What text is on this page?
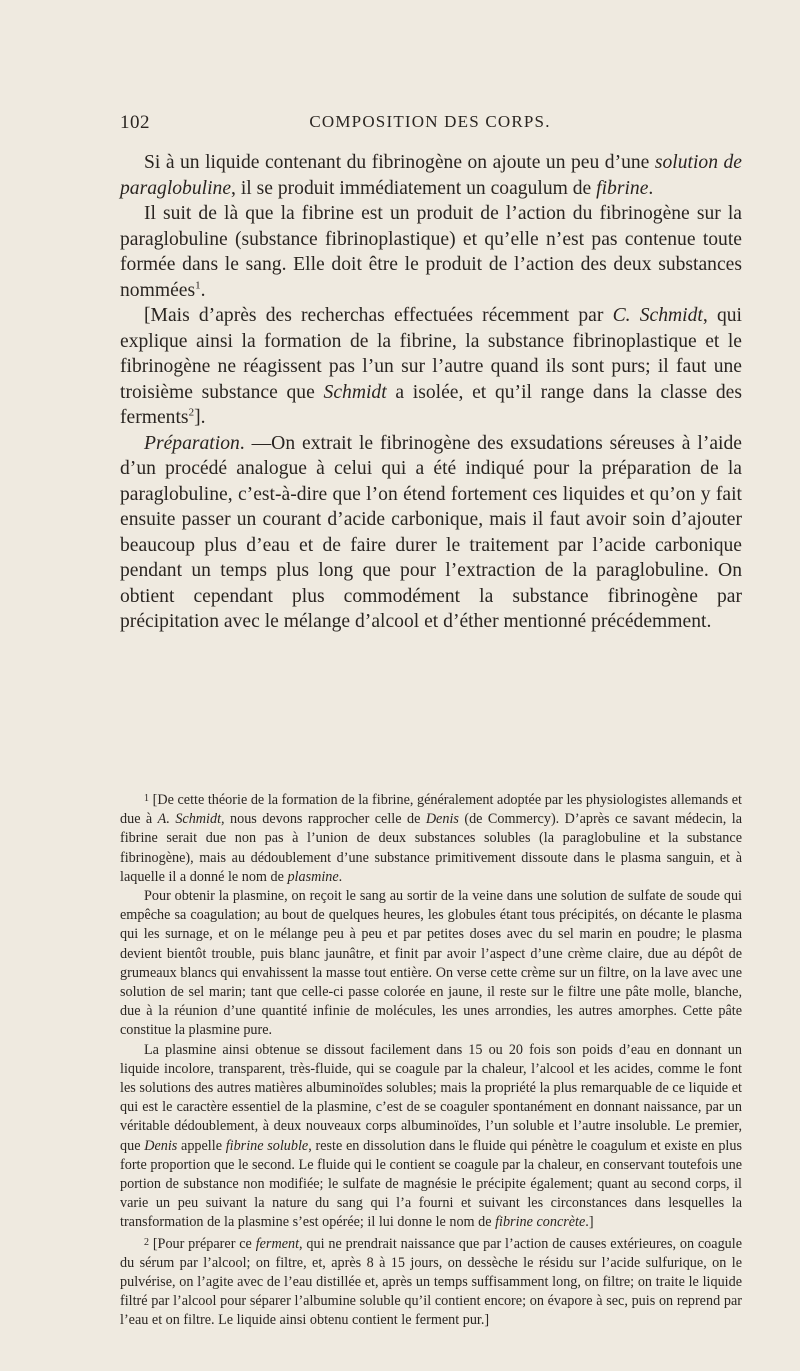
102	COMPOSITION DES CORPS.

Si à un liquide contenant du fibrinogène on ajoute un peu d’une solution de paraglobuline, il se produit immédiatement un coagulum de fibrine.

Il suit de là que la fibrine est un produit de l’action du fibrinogène sur la paraglobuline (substance fibrinoplastique) et qu’elle n’est pas contenue toute formée dans le sang. Elle doit être le produit de l’action des deux substances nommées$^1$.

[Mais d’après des recherchas effectuées récemment par C. Schmidt, qui explique ainsi la formation de la fibrine, la substance fibrinoplastique et le fibrinogène ne réagissent pas l’un sur l’autre quand ils sont purs; il faut une troisième substance que Schmidt a isolée, et qu’il range dans la classe des ferments$^2$].

Préparation. —On extrait le fibrinogène des exsudations séreuses à l’aide d’un procédé analogue à celui qui a été indiqué pour la préparation de la paraglobuline, c’est-à-dire que l’on étend fortement ces liquides et qu’on y fait ensuite passer un courant d’acide carbonique, mais il faut avoir soin d’ajouter beaucoup plus d’eau et de faire durer le traitement par l’acide carbonique pendant un temps plus long que pour l’extraction de la paraglobuline. On obtient cependant plus commodément la substance fibrinogène par précipitation avec le mélange d’alcool et d’éther mentionné précédemment.

$^1$ [De cette théorie de la formation de la fibrine, généralement adoptée par les physiologistes allemands et due à A. Schmidt, nous devons rapprocher celle de Denis (de Commercy). D’après ce savant médecin, la fibrine serait due non pas à l’union de deux substances solubles (la paraglobuline et la substance fibrinogène), mais au dédoublement d’une substance primitivement dissoute dans le plasma sanguin, et à laquelle il a donné le nom de plasmine.

Pour obtenir la plasmine, on reçoit le sang au sortir de la veine dans une solution de sulfate de soude qui empêche sa coagulation; au bout de quelques heures, les globules étant tous précipités, on décante le plasma qui les surnage, et on le mélange peu à peu et par petites doses avec du sel marin en poudre; le plasma devient bientôt trouble, puis blanc jaunâtre, et finit par avoir l’aspect d’une crème claire, due au dépôt de grumeaux blancs qui envahissent la masse tout entière. On verse cette crème sur un filtre, on la lave avec une solution de sel marin; tant que celle-ci passe colorée en jaune, il reste sur le filtre une pâte molle, blanche, due à la réunion d’une quantité infinie de molécules, les unes arrondies, les autres amorphes. Cette pâte constitue la plasmine pure.

La plasmine ainsi obtenue se dissout facilement dans 15 ou 20 fois son poids d’eau en donnant un liquide incolore, transparent, très-fluide, qui se coagule par la chaleur, l’alcool et les acides, comme le font les solutions des autres matières albuminoïdes solubles; mais la propriété la plus remarquable de ce liquide et qui est le caractère essentiel de la plasmine, c’est de se coaguler spontanément en donnant naissance, par un véritable dédoublement, à deux nouveaux corps albuminoïdes, l’un soluble et l’autre insoluble. Le premier, que Denis appelle fibrine soluble, reste en dissolution dans le fluide qui pénètre le coagulum et existe en plus forte proportion que le second. Le fluide qui le contient se coagule par la chaleur, en conservant toutefois une portion de substance non modifiée; le sulfate de magnésie le précipite également; quant au second corps, il varie un peu suivant la nature du sang qui l’a fourni et suivant les circonstances dans lesquelles la transformation de la plasmine s’est opérée; il lui donne le nom de fibrine concrète.]

$^2$ [Pour préparer ce ferment, qui ne prendrait naissance que par l’action de causes extérieures, on coagule du sérum par l’alcool; on filtre, et, après 8 à 15 jours, on dessèche le résidu sur l’acide sulfurique, on le pulvérise, on l’agite avec de l’eau distillée et, après un temps suffisamment long, on filtre; on traite le liquide filtré par l’alcool pour séparer l’albumine soluble qu’il contient encore; on évapore à sec, puis on reprend par l’eau et on filtre. Le liquide ainsi obtenu contient le ferment pur.]
